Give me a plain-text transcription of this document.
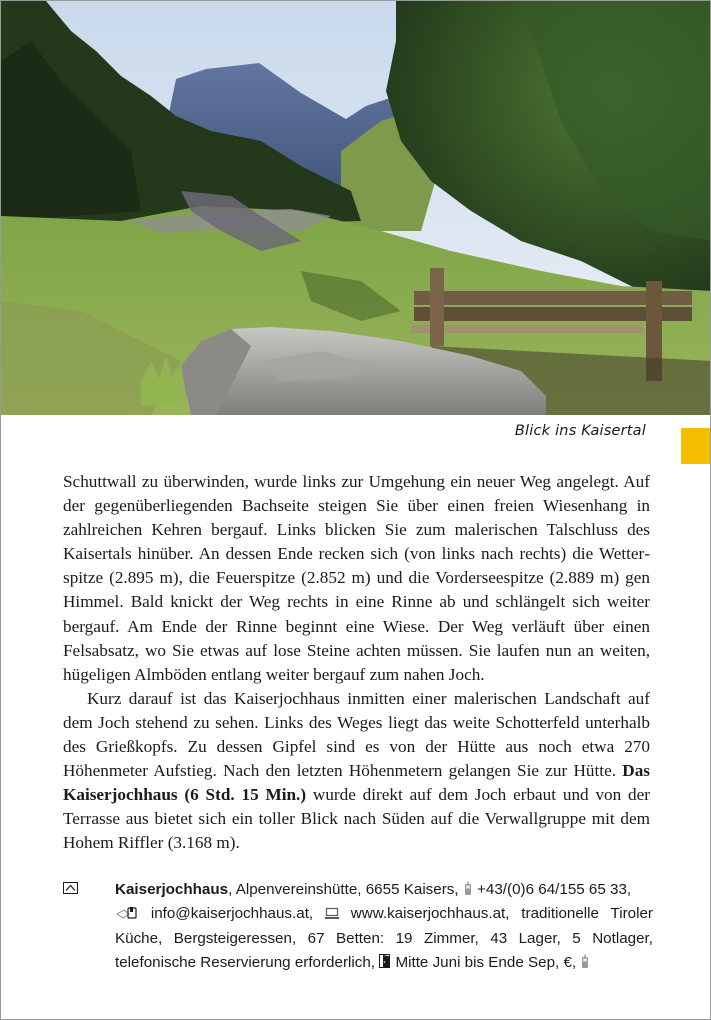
Blick ins Kaisertal

Schuttwall zu überwinden, wurde links zur Umgehung ein neuer Weg angelegt. Auf der gegenüberliegenden Bachseite steigen Sie über einen freien Wiesenhang in zahlreichen Kehren bergauf. Links blicken Sie zum malerischen Talschluss des Kaisertals hinüber. An dessen Ende recken sich (von links nach rechts) die Wetterspitze (2.895 m), die Feuerspitze (2.852 m) und die Vorderseespitze (2.889 m) gen Himmel. Bald knickt der Weg rechts in eine Rinne ab und schlängelt sich weiter bergauf. Am Ende der Rinne beginnt eine Wiese. Der Weg verläuft über einen Felsabsatz, wo Sie etwas auf lose Steine achten müssen. Sie laufen nun an weiten, hügeligen Almböden entlang weiter bergauf zum nahen Joch.

Kurz darauf ist das Kaiserjochhaus inmitten einer malerischen Landschaft auf dem Joch stehend zu sehen. Links des Weges liegt das weite Schotterfeld unterhalb des Grießkopfs. Zu dessen Gipfel sind es von der Hütte aus noch etwa 270 Höhenmeter Aufstieg. Nach den letzten Höhenmetern gelangen Sie zur Hütte. Das Kaiserjochhaus (6 Std. 15 Min.) wurde direkt auf dem Joch erbaut und von der Terrasse aus bietet sich ein toller Blick nach Süden auf die Verwallgruppe mit dem Hohem Riffler (3.168 m).

Kaiserjochhaus, Alpenvereinshütte, 6655 Kaisers,  +43/(0)6 64/155 65 33,
info@kaiserjochhaus.at,  www.kaiserjochhaus.at, traditionelle Tiroler Küche, Bergsteigeressen, 67 Betten: 19 Zimmer, 43 Lager, 5 Notlager, telefonische Reservierung erforderlich,  Mitte Juni bis Ende Sep, €,
